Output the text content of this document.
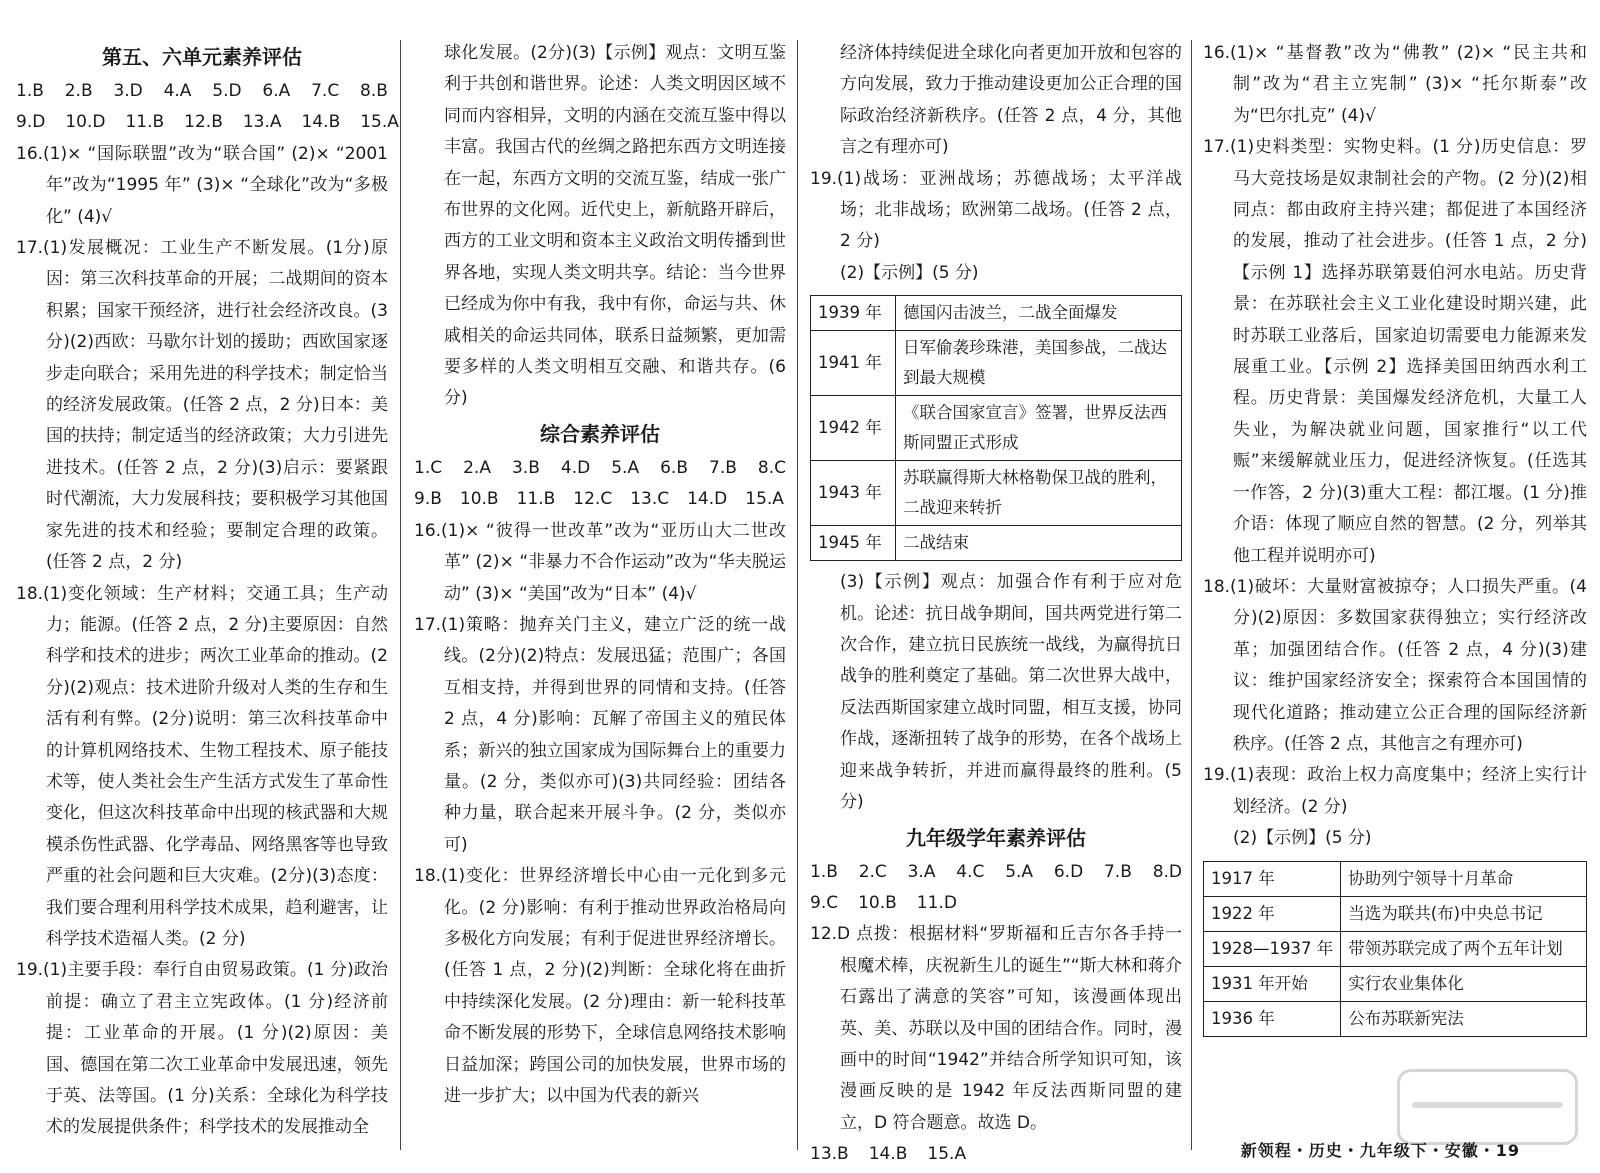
第五、六单元素养评估
1.B 2.B 3.D 4.A 5.D 6.A 7.C 8.B
9.D 10.D 11.B 12.B 13.A 14.B 15.A

16.(1)× “国际联盟”改为“联合国” (2)× “2001 年”改为“1995 年” (3)× “全球化”改为“多极化” (4)√

17.(1)发展概况：工业生产不断发展。(1分)原因：第三次科技革命的开展；二战期间的资本积累；国家干预经济，进行社会经济改良。(3分)(2)西欧：马歇尔计划的援助；西欧国家逐步走向联合；采用先进的科学技术；制定恰当的经济发展政策。(任答 2 点，2 分)日本：美国的扶持；制定适当的经济政策；大力引进先进技术。(任答 2 点，2 分)(3)启示：要紧跟时代潮流，大力发展科技；要积极学习其他国家先进的技术和经验；要制定合理的政策。(任答 2 点，2 分)

18.(1)变化领域：生产材料；交通工具；生产动力；能源。(任答 2 点，2 分)主要原因：自然科学和技术的进步；两次工业革命的推动。(2分)(2)观点：技术进阶升级对人类的生存和生活有利有弊。(2分)说明：第三次科技革命中的计算机网络技术、生物工程技术、原子能技术等，使人类社会生产生活方式发生了革命性变化，但这次科技革命中出现的核武器和大规模杀伤性武器、化学毒品、网络黑客等也导致严重的社会问题和巨大灾难。(2分)(3)态度：我们要合理利用科学技术成果，趋利避害，让科学技术造福人类。(2 分)

19.(1)主要手段：奉行自由贸易政策。(1 分)政治前提：确立了君主立宪政体。(1 分)经济前提：工业革命的开展。(1 分)(2)原因：美国、德国在第二次工业革命中发展迅速，领先于英、法等国。(1 分)关系：全球化为科学技术的发展提供条件；科学技术的发展推动全

球化发展。(2分)(3)【示例】观点：文明互鉴利于共创和谐世界。论述：人类文明因区域不同而内容相异，文明的内涵在交流互鉴中得以丰富。我国古代的丝绸之路把东西方文明连接在一起，东西方文明的交流互鉴，结成一张广布世界的文化网。近代史上，新航路开辟后，西方的工业文明和资本主义政治文明传播到世界各地，实现人类文明共享。结论：当今世界已经成为你中有我，我中有你，命运与共、休戚相关的命运共同体，联系日益频繁，更加需要多样的人类文明相互交融、和谐共存。(6分)

综合素养评估
1.C 2.A 3.B 4.D 5.A 6.B 7.B 8.C
9.B 10.B 11.B 12.C 13.C 14.D 15.A

16.(1)× “彼得一世改革”改为“亚历山大二世改革” (2)× “非暴力不合作运动”改为“华夫脱运动” (3)× “美国”改为“日本” (4)√

17.(1)策略：抛弃关门主义，建立广泛的统一战线。(2分)(2)特点：发展迅猛；范围广；各国互相支持，并得到世界的同情和支持。(任答 2 点，4 分)影响：瓦解了帝国主义的殖民体系；新兴的独立国家成为国际舞台上的重要力量。(2 分，类似亦可)(3)共同经验：团结各种力量，联合起来开展斗争。(2 分，类似亦可)

18.(1)变化：世界经济增长中心由一元化到多元化。(2 分)影响：有利于推动世界政治格局向多极化方向发展；有利于促进世界经济增长。(任答 1 点，2 分)(2)判断：全球化将在曲折中持续深化发展。(2 分)理由：新一轮科技革命不断发展的形势下，全球信息网络技术影响日益加深；跨国公司的加快发展，世界市场的进一步扩大；以中国为代表的新兴

经济体持续促进全球化向者更加开放和包容的方向发展，致力于推动建设更加公正合理的国际政治经济新秩序。(任答 2 点，4 分，其他言之有理亦可)

19.(1)战场：亚洲战场；苏德战场；太平洋战场；北非战场；欧洲第二战场。(任答 2 点，2 分)

(2)【示例】(5 分)

1939 年	德国闪击波兰，二战全面爆发
1941 年	日军偷袭珍珠港，美国参战，二战达到最大规模
1942 年	《联合国家宣言》签署，世界反法西斯同盟正式形成
1943 年	苏联赢得斯大林格勒保卫战的胜利，二战迎来转折
1945 年	二战结束

(3)【示例】观点：加强合作有利于应对危机。论述：抗日战争期间，国共两党进行第二次合作，建立抗日民族统一战线，为赢得抗日战争的胜利奠定了基础。第二次世界大战中，反法西斯国家建立战时同盟，相互支援，协同作战，逐渐扭转了战争的形势，在各个战场上迎来战争转折，并进而赢得最终的胜利。(5分)

九年级学年素养评估
1.B 2.C 3.A 4.C 5.A 6.D 7.B 8.D
9.C 10.B 11.D

12.D 点拨：根据材料“罗斯福和丘吉尔各手持一根魔术棒，庆祝新生儿的诞生”“斯大林和蒋介石露出了满意的笑容”可知，该漫画体现出英、美、苏联以及中国的团结合作。同时，漫画中的时间“1942”并结合所学知识可知，该漫画反映的是 1942 年反法西斯同盟的建立，D 符合题意。故选 D。

13.B 14.B 15.A

16.(1)× “基督教”改为“佛教” (2)× “民主共和制”改为“君主立宪制” (3)× “托尔斯泰”改为“巴尔扎克” (4)√

17.(1)史料类型：实物史料。(1 分)历史信息：罗马大竞技场是奴隶制社会的产物。(2 分)(2)相同点：都由政府主持兴建；都促进了本国经济的发展，推动了社会进步。(任答 1 点，2 分)【示例 1】选择苏联第聂伯河水电站。历史背景：在苏联社会主义工业化建设时期兴建，此时苏联工业落后，国家迫切需要电力能源来发展重工业。【示例 2】选择美国田纳西水利工程。历史背景：美国爆发经济危机，大量工人失业，为解决就业问题，国家推行“以工代赈”来缓解就业压力，促进经济恢复。(任选其一作答，2 分)(3)重大工程：都江堰。(1 分)推介语：体现了顺应自然的智慧。(2 分，列举其他工程并说明亦可)

18.(1)破坏：大量财富被掠夺；人口损失严重。(4 分)(2)原因：多数国家获得独立；实行经济改革；加强团结合作。(任答 2 点，4 分)(3)建议：维护国家经济安全；探索符合本国国情的现代化道路；推动建立公正合理的国际经济新秩序。(任答 2 点，其他言之有理亦可)

19.(1)表现：政治上权力高度集中；经济上实行计划经济。(2 分)

(2)【示例】(5 分)

1917 年	协助列宁领导十月革命
1922 年	当选为联共(布)中央总书记
1928—1937 年	带领苏联完成了两个五年计划
1931 年开始	实行农业集体化
1936 年	公布苏联新宪法
新领程・历史・九年级下・安徽・19
